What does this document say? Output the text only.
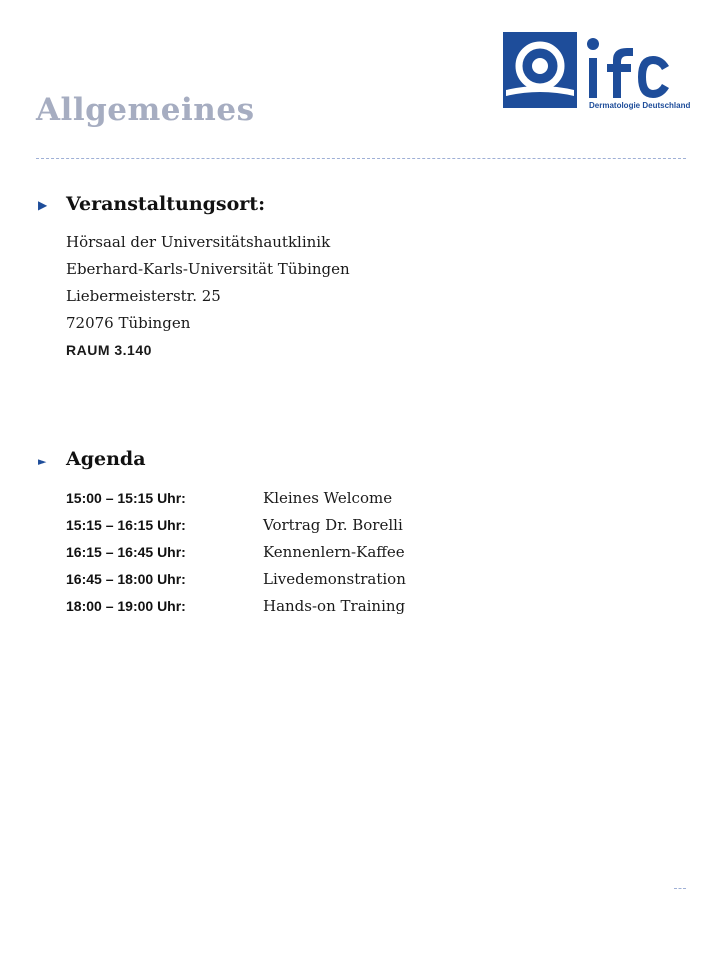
Allgemeines	Dermatologie Deutschland
▶ Veranstaltungsort:
Hörsaal der Universitätshautklinik
Eberhard-Karls-Universität Tübingen
Liebermeisterstr. 25
72076 Tübingen
RAUM 3.140
► Agenda
15:00 – 15:15 Uhr:	Kleines Welcome
15:15 – 16:15 Uhr:	Vortrag Dr. Borelli
16:15 – 16:45 Uhr:	Kennenlern-Kaffee
16:45 – 18:00 Uhr:	Livedemonstration
18:00 – 19:00 Uhr:	Hands-on Training
